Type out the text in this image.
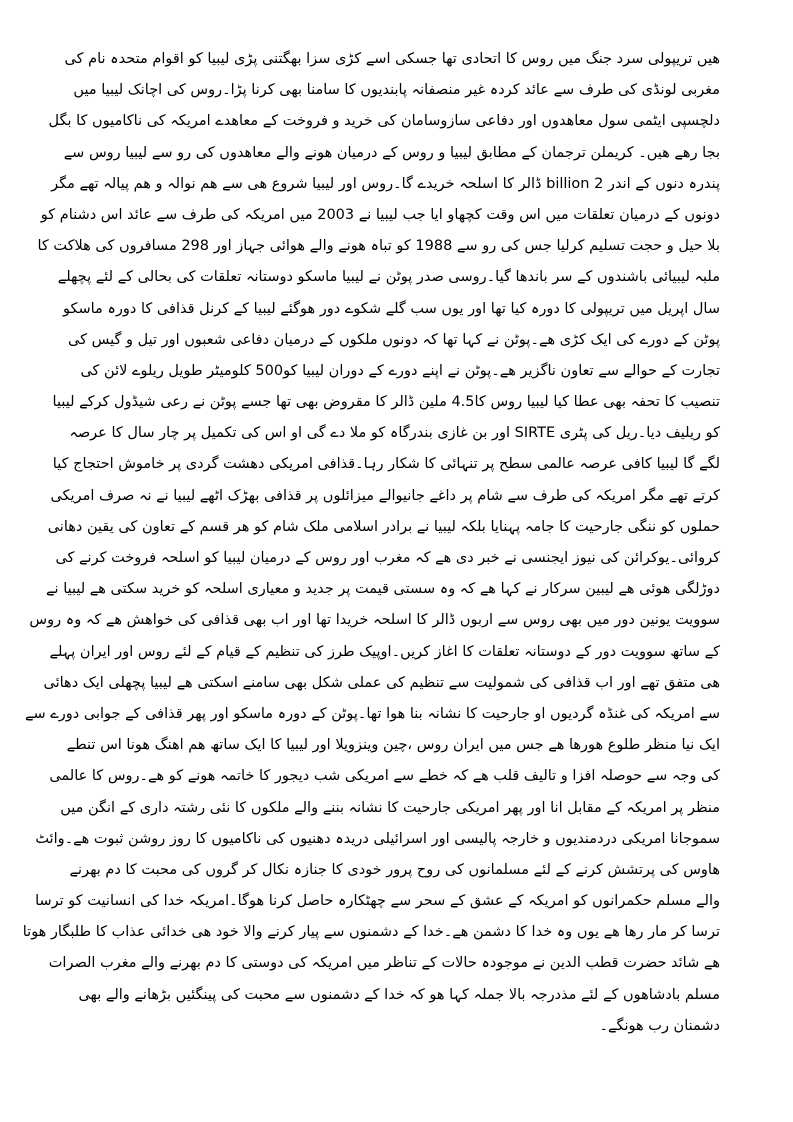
ھیں تریپولی سرد جنگ میں روس کا اتحادی تھا جسکی اسے کڑی سزا بھگتنی پڑی لیبیا کو اقوام متحدہ نام کی
مغربی لونڈی کی طرف سے عائد کردہ غیر منصفانہ پابندیوں کا سامنا بھی کرنا پڑا۔روس کی اچانک لیبیا میں
دلچسپی ایٹمی سول معاھدوں اور دفاعی سازوسامان کی خرید و فروخت کے معاھدے امریکہ کی ناکامیوں کا بگل
بجا رھے ھیں۔ کریملن ترجمان کے مطابق لیبیا و روس کے درمیان ھونے والے معاھدوں کی رو سے لیبیا روس سے
پندرہ دنوں کے اندر billion 2 ڈالر کا اسلحہ خریدے گا۔روس اور لیبیا شروع ھی سے ھم نوالہ و ھم پیالہ تھے مگر
دونوں کے درمیان تعلقات میں اس وقت کچھاو ایا جب لیبیا نے 2003 میں امریکہ کی طرف سے عائد اس دشنام کو
بلا حیل و حجت تسلیم کرلیا جس کی رو سے 1988 کو تباہ ھونے والے ھوائی جہاز اور 298 مسافروں کی ھلاکت کا
ملبہ لیبیائی باشندوں کے سر باندھا گیا۔روسی صدر پوٹن نے لیبیا ماسکو دوستانہ تعلقات کی بحالی کے لئے پچھلے
سال اپریل میں تریپولی کا دورہ کیا تھا اور یوں سب گلے شکوے دور ھوگئے لیبیا کے کرنل قذافی کا دورہ ماسکو
پوٹن کے دورے کی ایک کڑی ھے۔پوٹن نے کہا تھا کہ دونوں ملکوں کے درمیان دفاعی شعبوں اور تیل و گیس کی
تجارت کے حوالے سے تعاون ناگزیر ھے۔پوٹن نے اپنے دورے کے دوران لیبیا کو500 کلومیٹر طویل ریلوے لائن کی
تنصیب کا تحفہ بھی عطا کیا لیبیا روس کا4.5 ملین ڈالر کا مقروض بھی تھا جسے پوٹن نے رعی شیڈول کرکے لیبیا
کو ریلیف دیا۔ریل کی پٹری SIRTE اور بن غازی بندرگاہ کو ملا دے گی او اس کی تکمیل پر چار سال کا عرصہ
لگے گا لیبیا کافی عرصہ عالمی سطح پر تنہائی کا شکار رہا۔قذافی امریکی دھشت گردی پر خاموش احتجاج کیا
کرتے تھے مگر امریکہ کی طرف سے شام پر داغے جانیوالے میزائلوں پر قذافی بھڑک اٹھے لیبیا نے نہ صرف امریکی
حملوں کو ننگی جارحیت کا جامہ پہنایا بلکہ لیبیا نے برادر اسلامی ملک شام کو ھر قسم کے تعاون کی یقین دھانی
کروائی۔یوکرائن کی نیوز ایجنسی نے خبر دی ھے کہ مغرب اور روس کے درمیان لیبیا کو اسلحہ فروخت کرنے کی
دوڑلگی ھوئی ھے لیبین سرکار نے کہا ھے کہ وہ سستی قیمت پر جدید و معیاری اسلحہ کو خرید سکتی ھے لیبیا نے
سوویت یونین دور میں بھی روس سے اربوں ڈالر کا اسلحہ خریدا تھا اور اب بھی قذافی کی خواھش ھے کہ وہ روس
کے ساتھ سوویت دور کے دوستانہ تعلقات کا اغاز کریں۔اوپیک طرز کی تنظیم کے قیام کے لئے روس اور ایران پہلے
ھی متفق تھے اور اب قذافی کی شمولیت سے تنظیم کی عملی شکل بھی سامنے اسکتی ھے لیبیا پچھلی ایک دھائی
سے امریکہ کی غنڈہ گردیوں او جارحیت کا نشانہ بنا ھوا تھا۔پوٹن کے دورہ ماسکو اور پھر قذافی کے جوابی دورے سے
ایک نیا منظر طلوع ھورھا ھے جس میں ایران روس ،چین وینزویلا اور لیبیا کا ایک ساتھ ھم اھنگ ھونا اس تنطے
کی وجہ سے حوصلہ افزا و تالیف قلب ھے کہ خطے سے امریکی شب دیجور کا خاتمہ ھونے کو ھے۔روس کا عالمی
منظر پر امریکہ کے مقابل انا اور پھر امریکی جارحیت کا نشانہ بننے والے ملکوں کا نئی رشتہ داری کے انگن میں
سموجانا امریکی دردمندیوں و خارجہ پالیسی اور اسرائیلی دریدہ دھنیوں کی ناکامیوں کا روز روشن ثبوت ھے۔وائٹ
ھاوس کی پرتشش کرنے کے لئے مسلمانوں کی روح پرور خودی کا جنازہ نکال کر گروں کی محبت کا دم بھرنے
والے مسلم حکمرانوں کو امریکہ کے عشق کے سحر سے چھٹکارہ حاصل کرنا ھوگا۔امریکہ خدا کی انسانیت کو ترسا
ترسا کر مار رھا ھے یوں وہ خدا کا دشمن ھے۔خدا کے دشمنوں سے پیار کرنے والا خود ھی خدائی عذاب کا طلبگار ھوتا
ھے شائد حضرت قطب الدین نے موجودہ حالات کے تناظر میں امریکہ کی دوستی کا دم بھرنے والے مغرب الصرات
مسلم بادشاھوں کے لئے مذدرجہ بالا جملہ کہا ھو کہ خدا کے دشمنوں سے محبت کی پینگئیں بڑھانے والے بھی
دشمنان رب ھونگے۔
